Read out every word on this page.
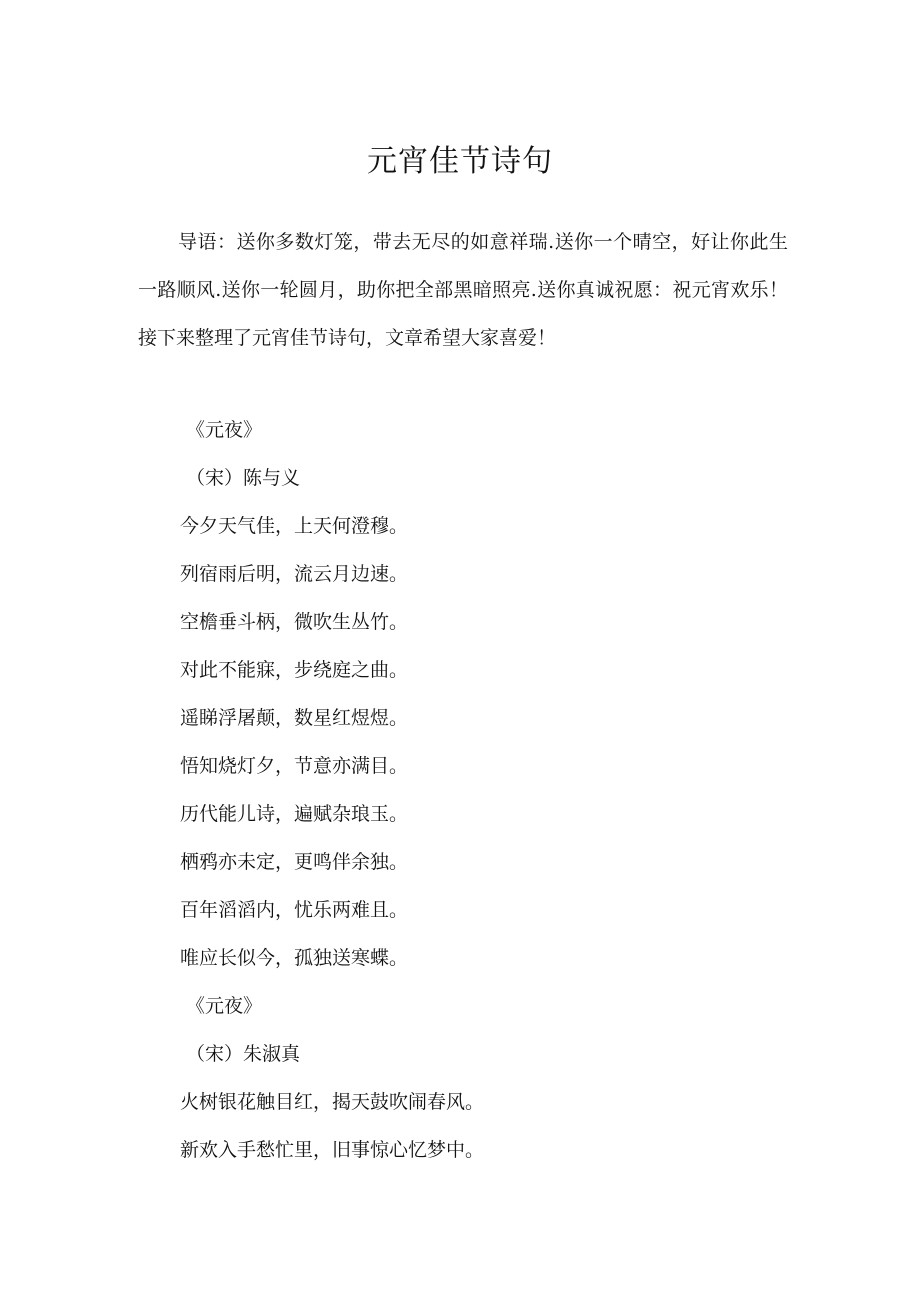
元宵佳节诗句
导语：送你多数灯笼，带去无尽的如意祥瑞.送你一个晴空，好让你此生一路顺风.送你一轮圆月，助你把全部黑暗照亮.送你真诚祝愿：祝元宵欢乐！接下来整理了元宵佳节诗句，文章希望大家喜爱！
《元夜》
（宋）陈与义
今夕天气佳，上天何澄穆。
列宿雨后明，流云月边速。
空檐垂斗柄，微吹生丛竹。
对此不能寐，步绕庭之曲。
遥睇浮屠颠，数星红煜煜。
悟知烧灯夕，节意亦满目。
历代能儿诗，遍赋杂琅玉。
栖鸦亦未定，更鸣伴余独。
百年滔滔内，忧乐两难且。
唯应长似今，孤独送寒蝶。
《元夜》
（宋）朱淑真
火树银花触目红，揭天鼓吹闹春风。
新欢入手愁忙里，旧事惊心忆梦中。
